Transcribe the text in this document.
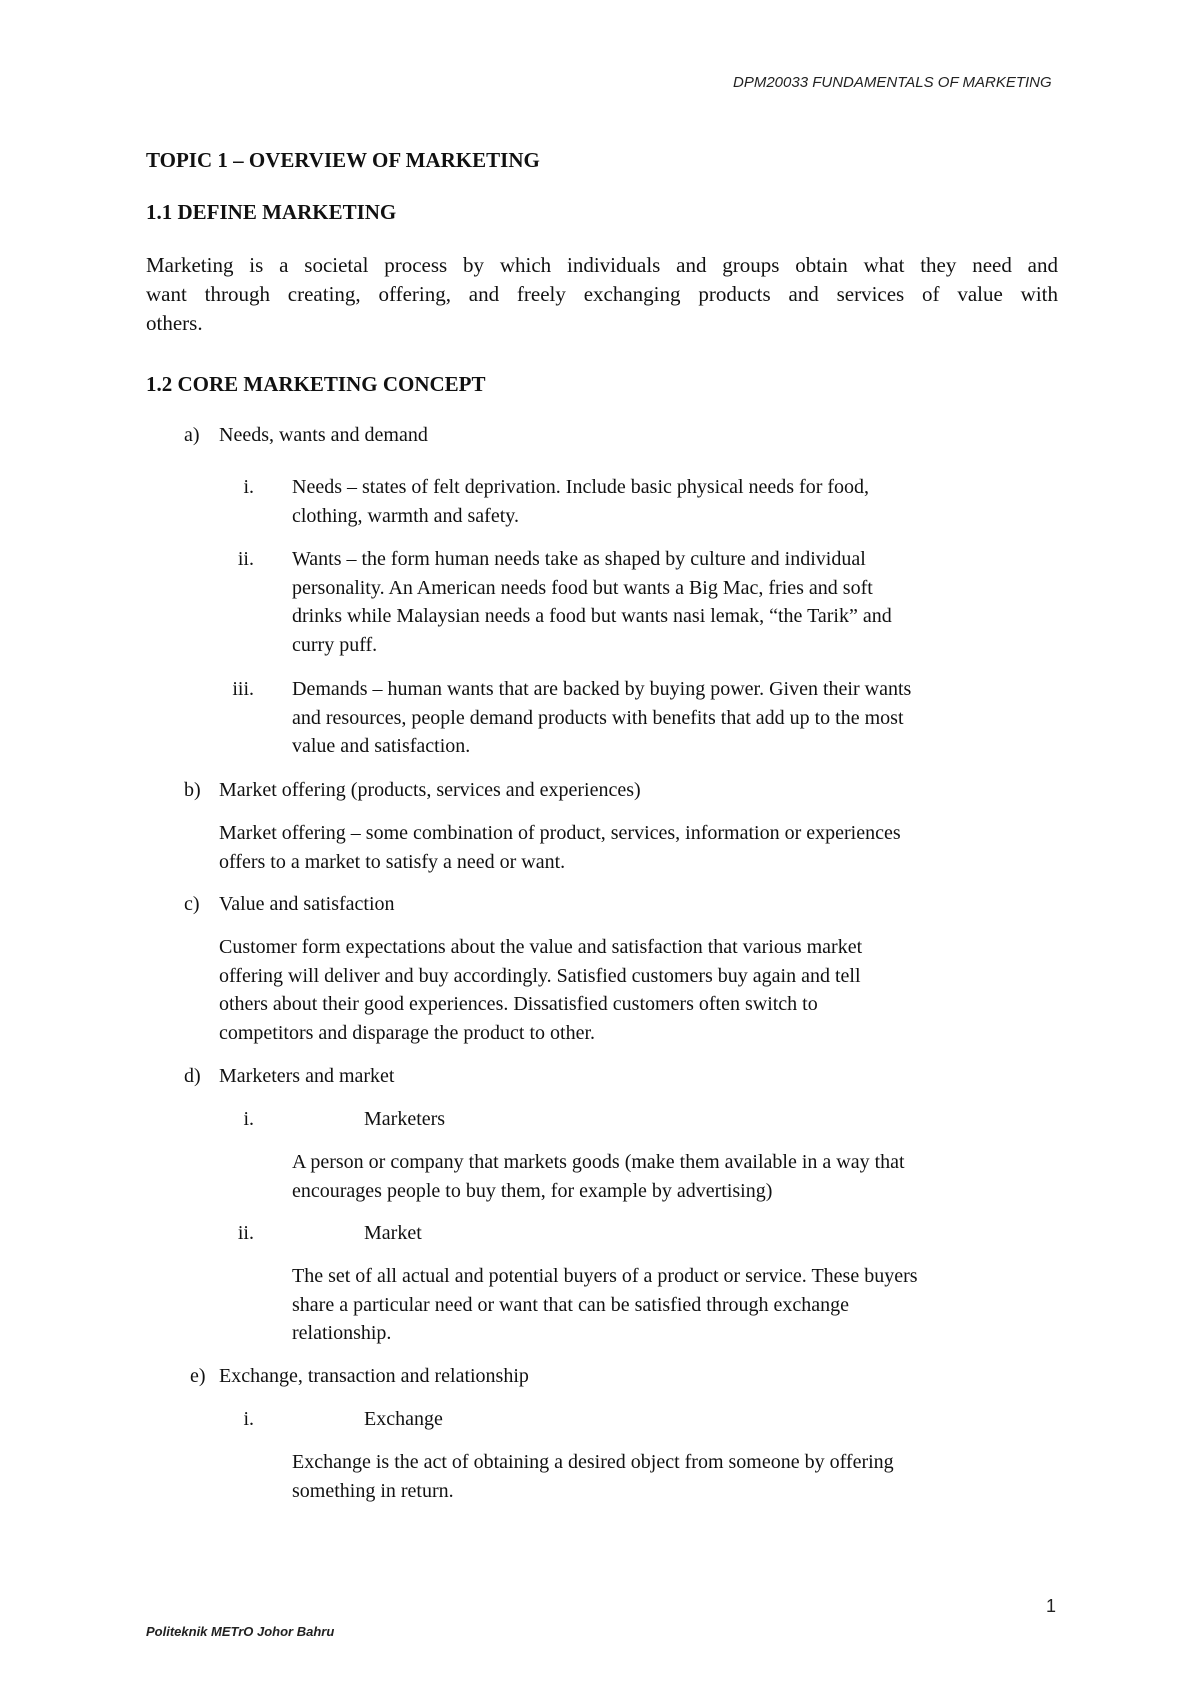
DPM20033 FUNDAMENTALS OF MARKETING
TOPIC 1 – OVERVIEW OF MARKETING
1.1 DEFINE MARKETING
Marketing is a societal process by which individuals and groups obtain what they need and
want through creating, offering, and freely exchanging products and services of value with
others.
1.2 CORE MARKETING CONCEPT
a) Needs, wants and demand
i. Needs – states of felt deprivation. Include basic physical needs for food,
clothing, warmth and safety.
ii. Wants – the form human needs take as shaped by culture and individual
personality. An American needs food but wants a Big Mac, fries and soft
drinks while Malaysian needs a food but wants nasi lemak, “the Tarik” and
curry puff.
iii. Demands – human wants that are backed by buying power. Given their wants
and resources, people demand products with benefits that add up to the most
value and satisfaction.
b) Market offering (products, services and experiences)
Market offering – some combination of product, services, information or experiences
offers to a market to satisfy a need or want.
c) Value and satisfaction
Customer form expectations about the value and satisfaction that various market
offering will deliver and buy accordingly. Satisfied customers buy again and tell
others about their good experiences. Dissatisfied customers often switch to
competitors and disparage the product to other.
d) Marketers and market
i.	Marketers
A person or company that markets goods (make them available in a way that
encourages people to buy them, for example by advertising)
ii.	Market
The set of all actual and potential buyers of a product or service. These buyers
share a particular need or want that can be satisfied through exchange
relationship.
e) Exchange, transaction and relationship
i.	Exchange
Exchange is the act of obtaining a desired object from someone by offering
something in return.
1
Politeknik METrO Johor Bahru
